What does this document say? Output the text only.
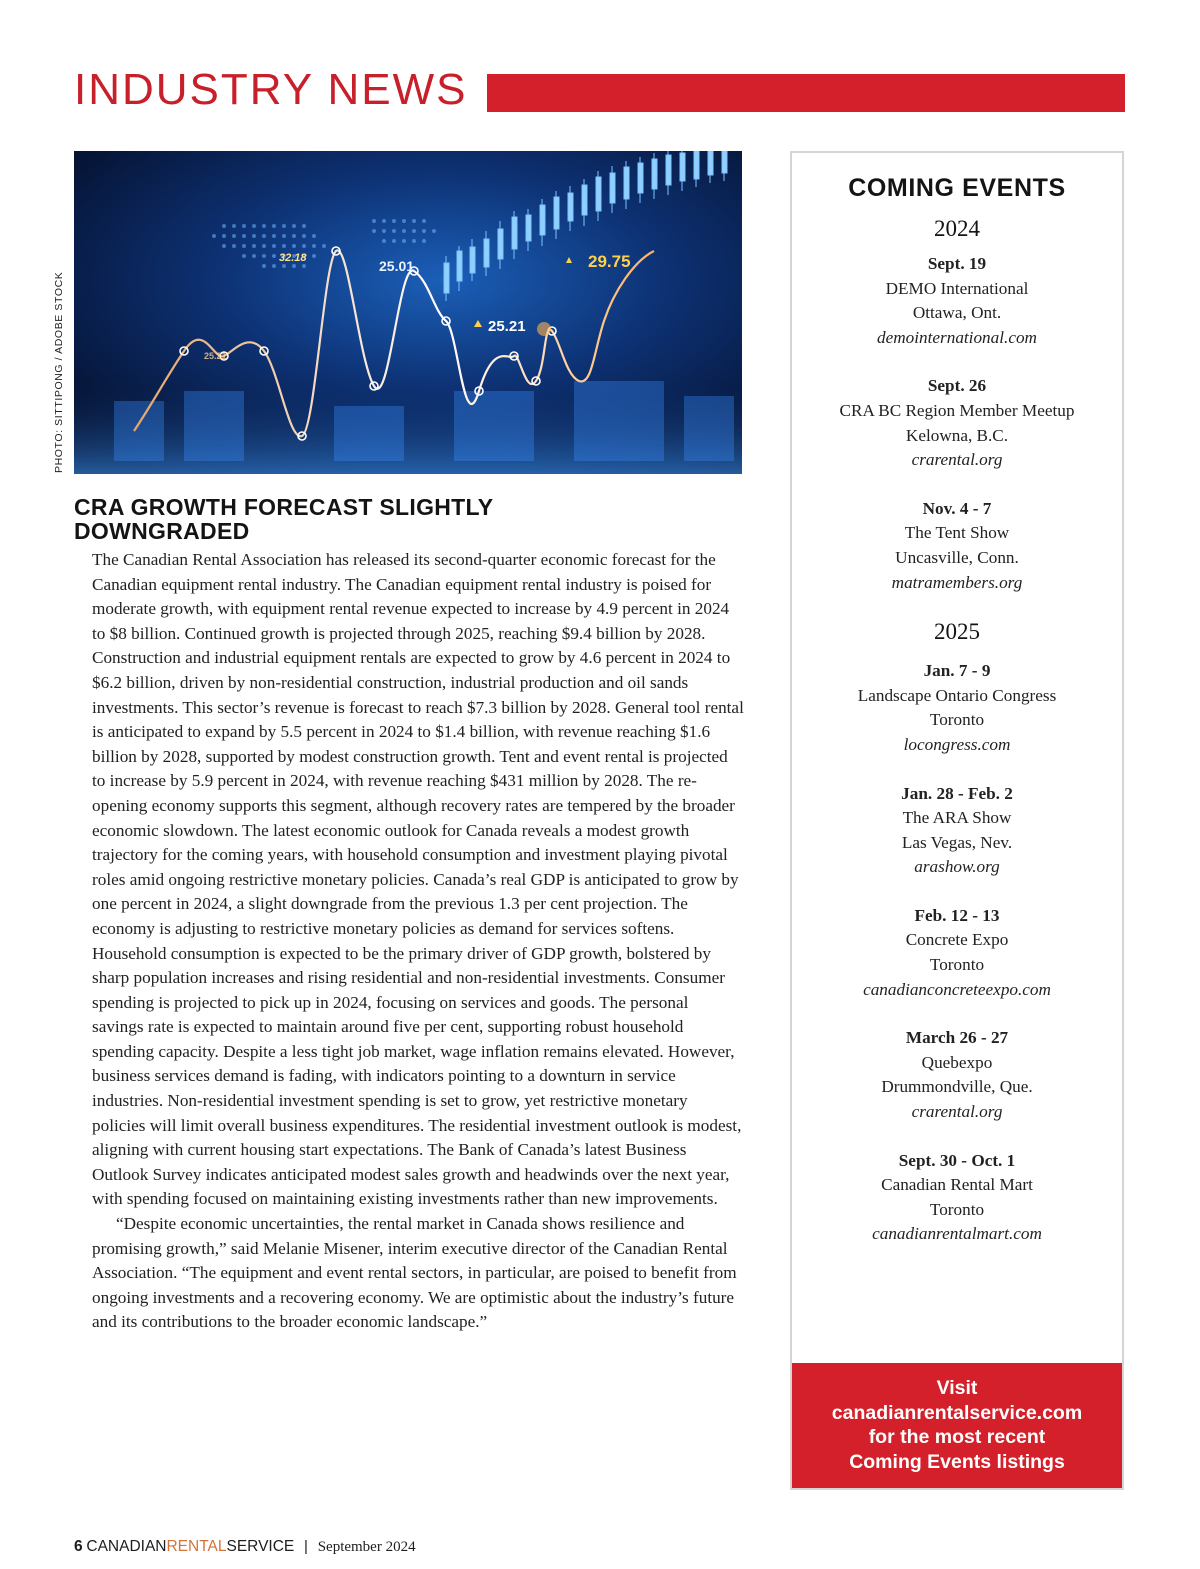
INDUSTRY NEWS
32.18	25.01	29.75
25.21
25.21
PHOTO: SITTIPONG / ADOBE STOCK
CRA GROWTH FORECAST SLIGHTLY DOWNGRADED

The Canadian Rental Association has released its second-quarter economic forecast for the Canadian equipment rental industry. The Canadian equipment rental industry is poised for moderate growth, with equipment rental revenue expected to increase by 4.9 percent in 2024 to $8 billion. Continued growth is projected through 2025, reaching $9.4 billion by 2028. Construction and industrial equipment rentals are expected to grow by 4.6 percent in 2024 to $6.2 billion, driven by non-residential construction, industrial production and oil sands investments. This sector’s revenue is forecast to reach $7.3 billion by 2028. General tool rental is anticipated to expand by 5.5 percent in 2024 to $1.4 billion, with revenue reaching $1.6 billion by 2028, supported by modest construction growth. Tent and event rental is projected to increase by 5.9 percent in 2024, with revenue reaching $431 million by 2028. The re-opening economy supports this segment, although recovery rates are tempered by the broader economic slowdown. The latest economic outlook for Canada reveals a modest growth trajectory for the coming years, with household consumption and investment playing pivotal roles amid ongoing restrictive monetary policies. Canada’s real GDP is anticipated to grow by one percent in 2024, a slight downgrade from the previous 1.3 per cent projection. The economy is adjusting to restrictive monetary policies as demand for services softens. Household consumption is expected to be the primary driver of GDP growth, bolstered by sharp population increases and rising residential and non-residential investments. Consumer spending is projected to pick up in 2024, focusing on services and goods. The personal savings rate is expected to maintain around five per cent, supporting robust household spending capacity. Despite a less tight job market, wage inflation remains elevated. However, business services demand is fading, with indicators pointing to a downturn in service industries. Non-residential investment spending is set to grow, yet restrictive monetary policies will limit overall business expenditures. The residential investment outlook is modest, aligning with current housing start expectations. The Bank of Canada’s latest Business Outlook Survey indicates anticipated modest sales growth and headwinds over the next year, with spending focused on maintaining existing investments rather than new improvements.

“Despite economic uncertainties, the rental market in Canada shows resilience and promising growth,” said Melanie Misener, interim executive director of the Canadian Rental Association. “The equipment and event rental sectors, in particular, are poised to benefit from ongoing investments and a recovering economy. We are optimistic about the industry’s future and its contributions to the broader economic landscape.”

COMING EVENTS
2024
Sept. 19
DEMO International
Ottawa, Ont.
demointernational.com
Sept. 26
CRA BC Region Member Meetup
Kelowna, B.C.
crarental.org
Nov. 4 - 7
The Tent Show
Uncasville, Conn.
matramembers.org
2025
Jan. 7 - 9
Landscape Ontario Congress
Toronto
locongress.com
Jan. 28 - Feb. 2
The ARA Show
Las Vegas, Nev.
arashow.org
Feb. 12 - 13
Concrete Expo
Toronto
canadianconcreteexpo.com
March 26 - 27
Quebexpo
Drummondville, Que.
crarental.org
Sept. 30 - Oct. 1
Canadian Rental Mart
Toronto
canadianrentalmart.com
Visit
canadianrentalservice.com
for the most recent
Coming Events listings
6 CANADIANRENTALSERVICE | September 2024
